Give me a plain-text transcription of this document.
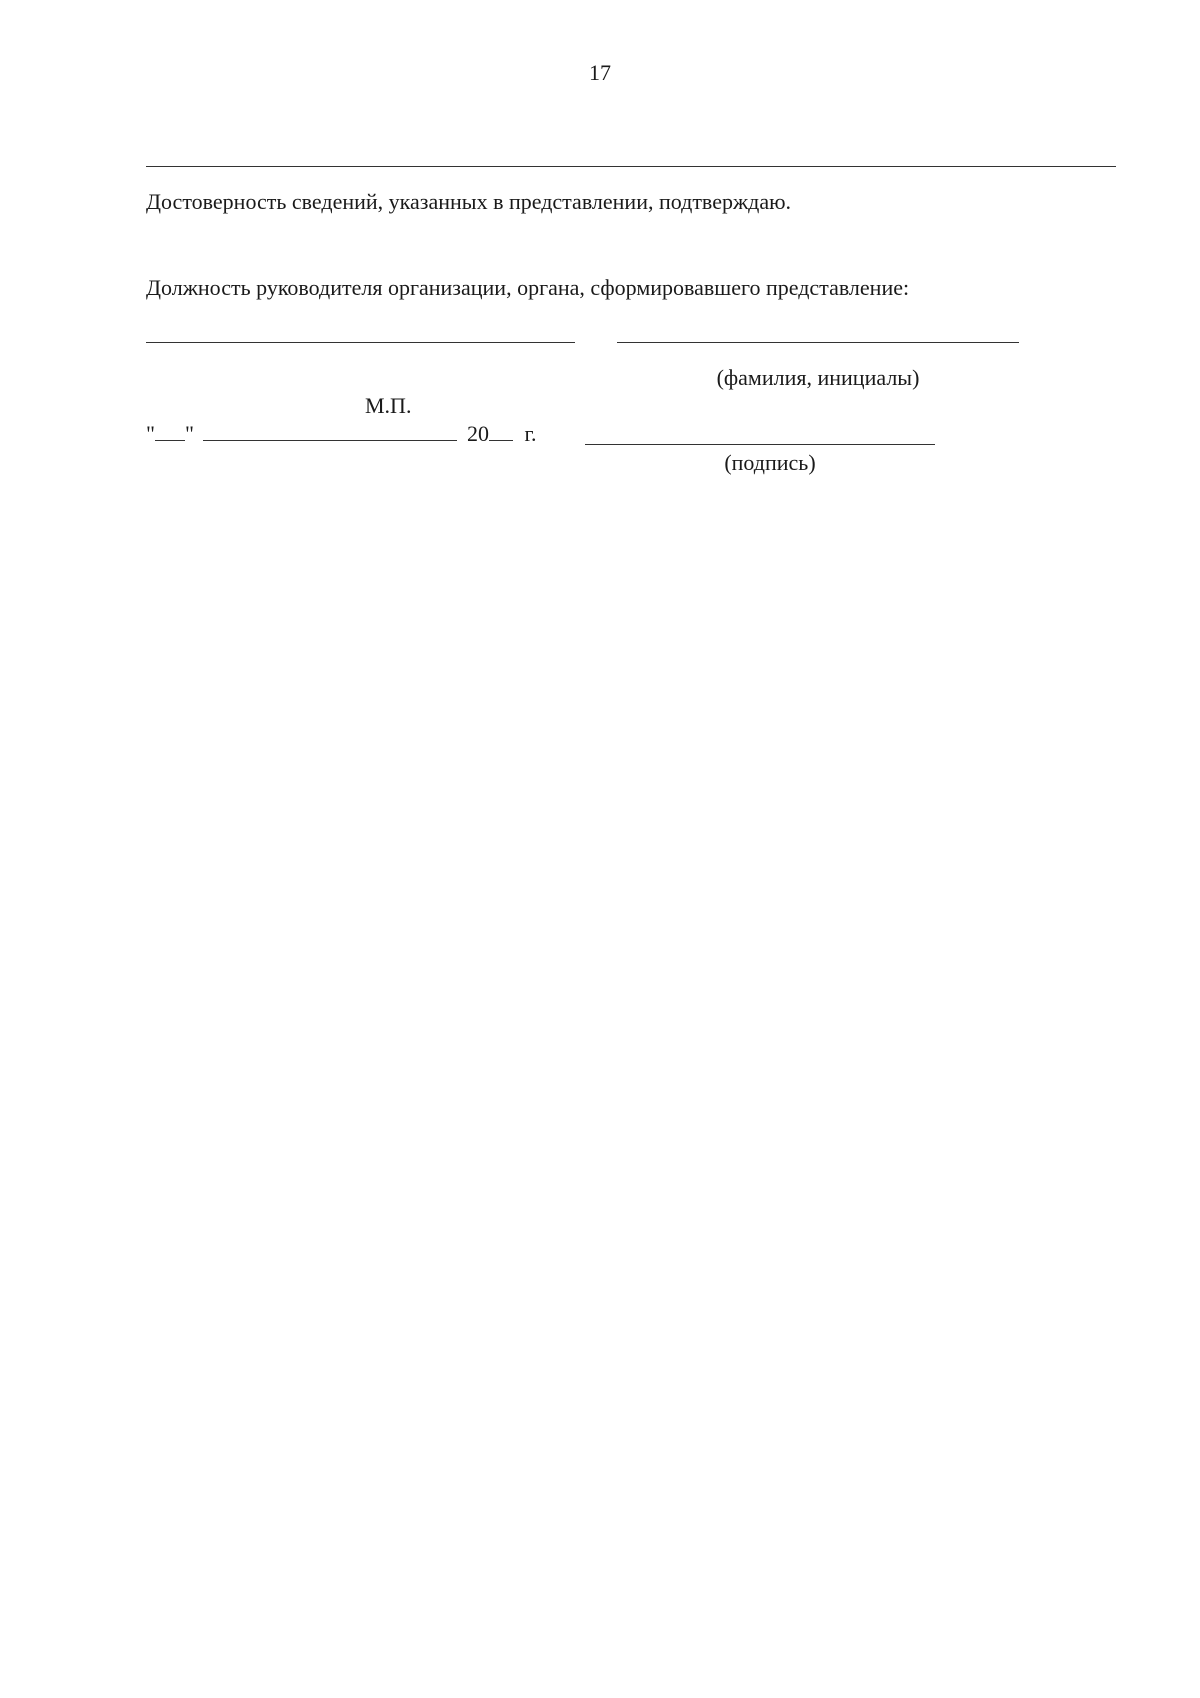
17
Достоверность сведений, указанных в представлении, подтверждаю.
Должность руководителя организации, органа, сформировавшего представление:
(фамилия, инициалы)
М.П.
" "	20 г.
(подпись)
